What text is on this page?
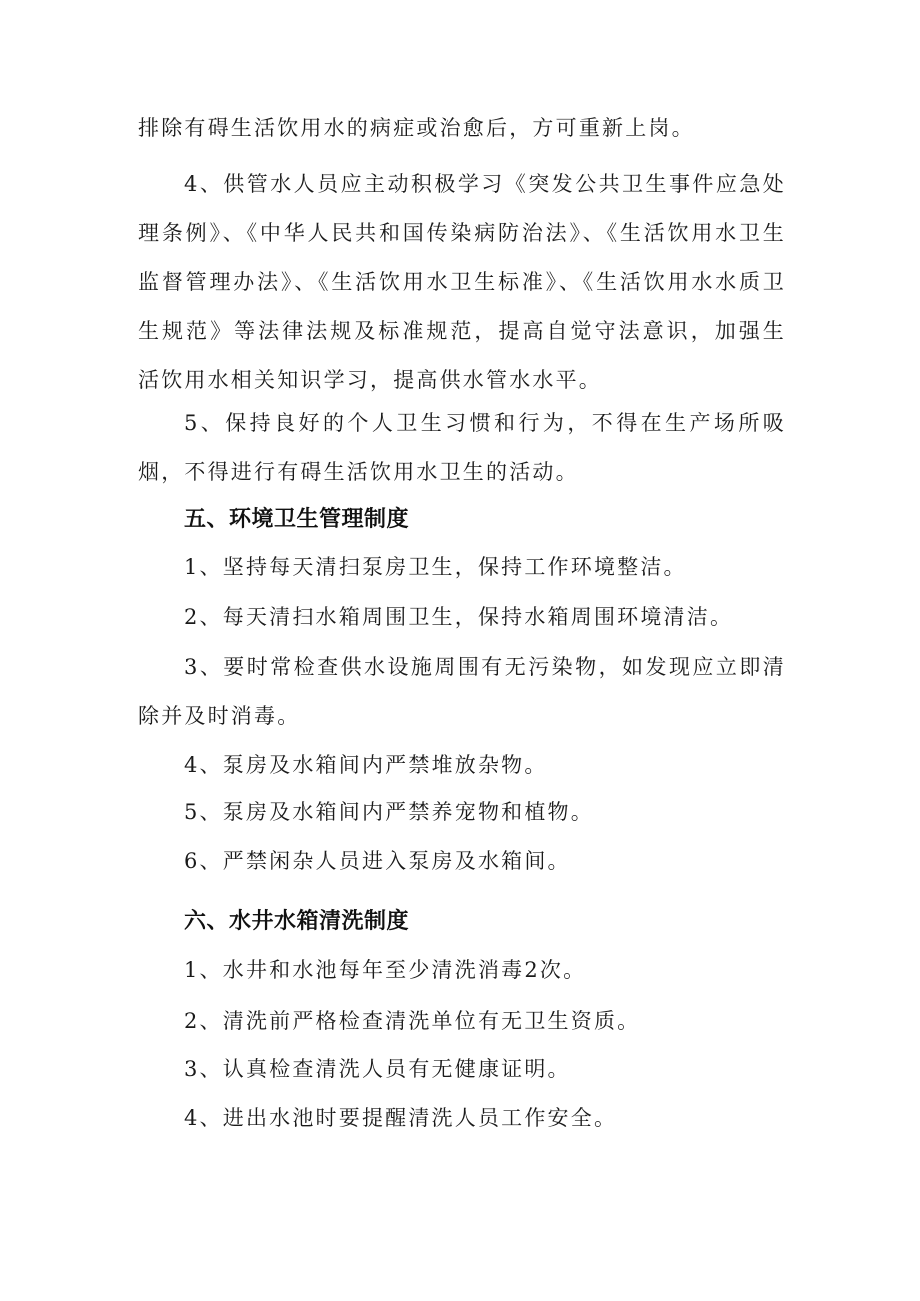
排除有碍生活饮用水的病症或治愈后，方可重新上岗。

4、供管水人员应主动积极学习《突发公共卫生事件应急处理条例》、《中华人民共和国传染病防治法》、《生活饮用水卫生监督管理办法》、《生活饮用水卫生标准》、《生活饮用水水质卫生规范》等法律法规及标准规范，提高自觉守法意识，加强生活饮用水相关知识学习，提高供水管水水平。

5、保持良好的个人卫生习惯和行为，不得在生产场所吸烟，不得进行有碍生活饮用水卫生的活动。

五、环境卫生管理制度

1、坚持每天清扫泵房卫生，保持工作环境整洁。

2、每天清扫水箱周围卫生，保持水箱周围环境清洁。

3、要时常检查供水设施周围有无污染物，如发现应立即清除并及时消毒。

4、泵房及水箱间内严禁堆放杂物。

5、泵房及水箱间内严禁养宠物和植物。

6、严禁闲杂人员进入泵房及水箱间。

六、水井水箱清洗制度

1、水井和水池每年至少清洗消毒2次。

2、清洗前严格检查清洗单位有无卫生资质。

3、认真检查清洗人员有无健康证明。

4、进出水池时要提醒清洗人员工作安全。
